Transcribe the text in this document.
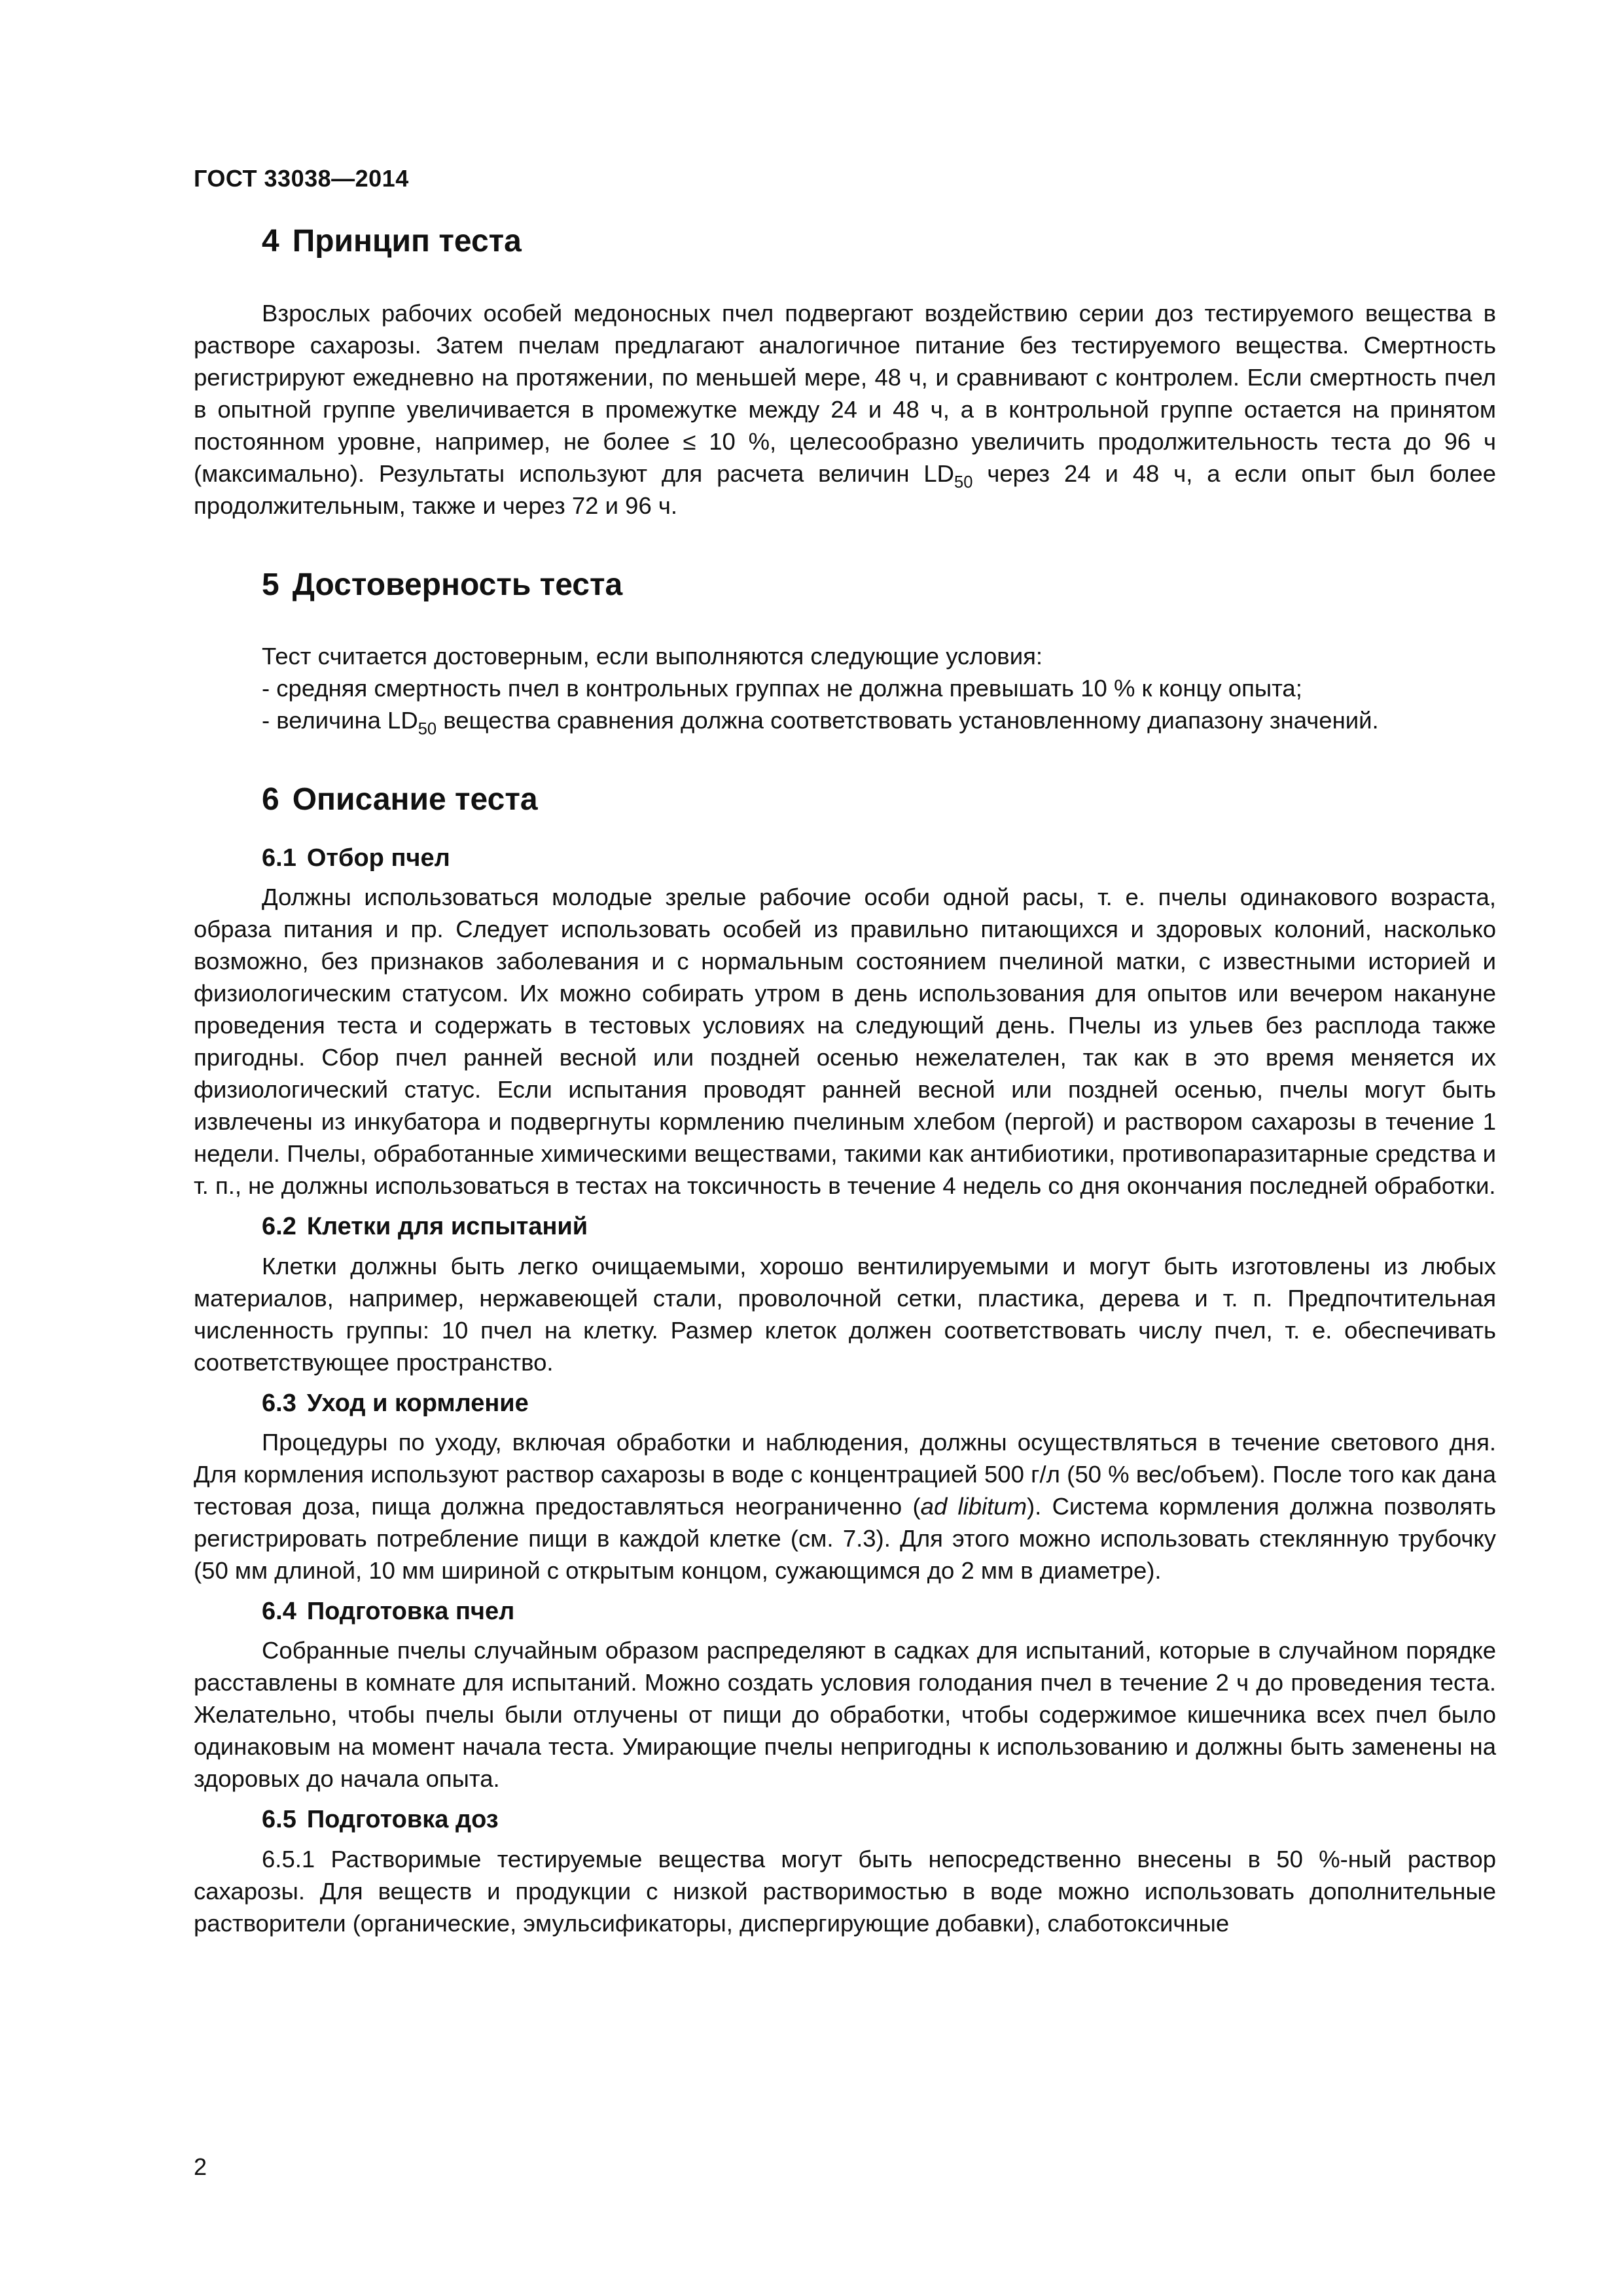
ГОСТ 33038—2014
4 Принцип теста

Взрослых рабочих особей медоносных пчел подвергают воздействию серии доз тестируемого вещества в растворе сахарозы. Затем пчелам предлагают аналогичное питание без тестируемого вещества. Смертность регистрируют ежедневно на протяжении, по меньшей мере, 48 ч, и сравнивают с контролем. Если смертность пчел в опытной группе увеличивается в промежутке между 24 и 48 ч, а в контрольной группе остается на принятом постоянном уровне, например, не более ≤ 10 %, целесообразно увеличить продолжительность теста до 96 ч (максимально). Результаты используют для расчета величин $LD_{50}$ через 24 и 48 ч, а если опыт был более продолжительным, также и через 72 и 96 ч.

5 Достоверность теста

Тест считается достоверным, если выполняются следующие условия:

- средняя смертность пчел в контрольных группах не должна превышать 10 % к концу опыта;

- величина $LD_{50}$ вещества сравнения должна соответствовать установленному диапазону значений.

6 Описание теста
6.1 Отбор пчел

Должны использоваться молодые зрелые рабочие особи одной расы, т. е. пчелы одинакового возраста, образа питания и пр. Следует использовать особей из правильно питающихся и здоровых колоний, насколько возможно, без признаков заболевания и с нормальным состоянием пчелиной матки, с известными историей и физиологическим статусом. Их можно собирать утром в день использования для опытов или вечером накануне проведения теста и содержать в тестовых условиях на следующий день. Пчелы из ульев без расплода также пригодны. Сбор пчел ранней весной или поздней осенью нежелателен, так как в это время меняется их физиологический статус. Если испытания проводят ранней весной или поздней осенью, пчелы могут быть извлечены из инкубатора и подвергнуты кормлению пчелиным хлебом (пергой) и раствором сахарозы в течение 1 недели. Пчелы, обработанные химическими веществами, такими как антибиотики, противопаразитарные средства и т. п., не должны использоваться в тестах на токсичность в течение 4 недель со дня окончания последней обработки.

6.2 Клетки для испытаний

Клетки должны быть легко очищаемыми, хорошо вентилируемыми и могут быть изготовлены из любых материалов, например, нержавеющей стали, проволочной сетки, пластика, дерева и т. п. Предпочтительная численность группы: 10 пчел на клетку. Размер клеток должен соответствовать числу пчел, т. е. обеспечивать соответствующее пространство.

6.3 Уход и кормление

Процедуры по уходу, включая обработки и наблюдения, должны осуществляться в течение светового дня. Для кормления используют раствор сахарозы в воде с концентрацией 500 г/л (50 % вес/объем). После того как дана тестовая доза, пища должна предоставляться неограниченно (ad libitum). Система кормления должна позволять регистрировать потребление пищи в каждой клетке (см. 7.3). Для этого можно использовать стеклянную трубочку (50 мм длиной, 10 мм шириной с открытым концом, сужающимся до 2 мм в диаметре).

6.4 Подготовка пчел

Собранные пчелы случайным образом распределяют в садках для испытаний, которые в случайном порядке расставлены в комнате для испытаний. Можно создать условия голодания пчел в течение 2 ч до проведения теста. Желательно, чтобы пчелы были отлучены от пищи до обработки, чтобы содержимое кишечника всех пчел было одинаковым на момент начала теста. Умирающие пчелы непригодны к использованию и должны быть заменены на здоровых до начала опыта.

6.5 Подготовка доз

6.5.1 Растворимые тестируемые вещества могут быть непосредственно внесены в 50 %-ный раствор сахарозы. Для веществ и продукции с низкой растворимостью в воде можно использовать дополнительные растворители (органические, эмульсификаторы, диспергирующие добавки), слаботоксичные

2
